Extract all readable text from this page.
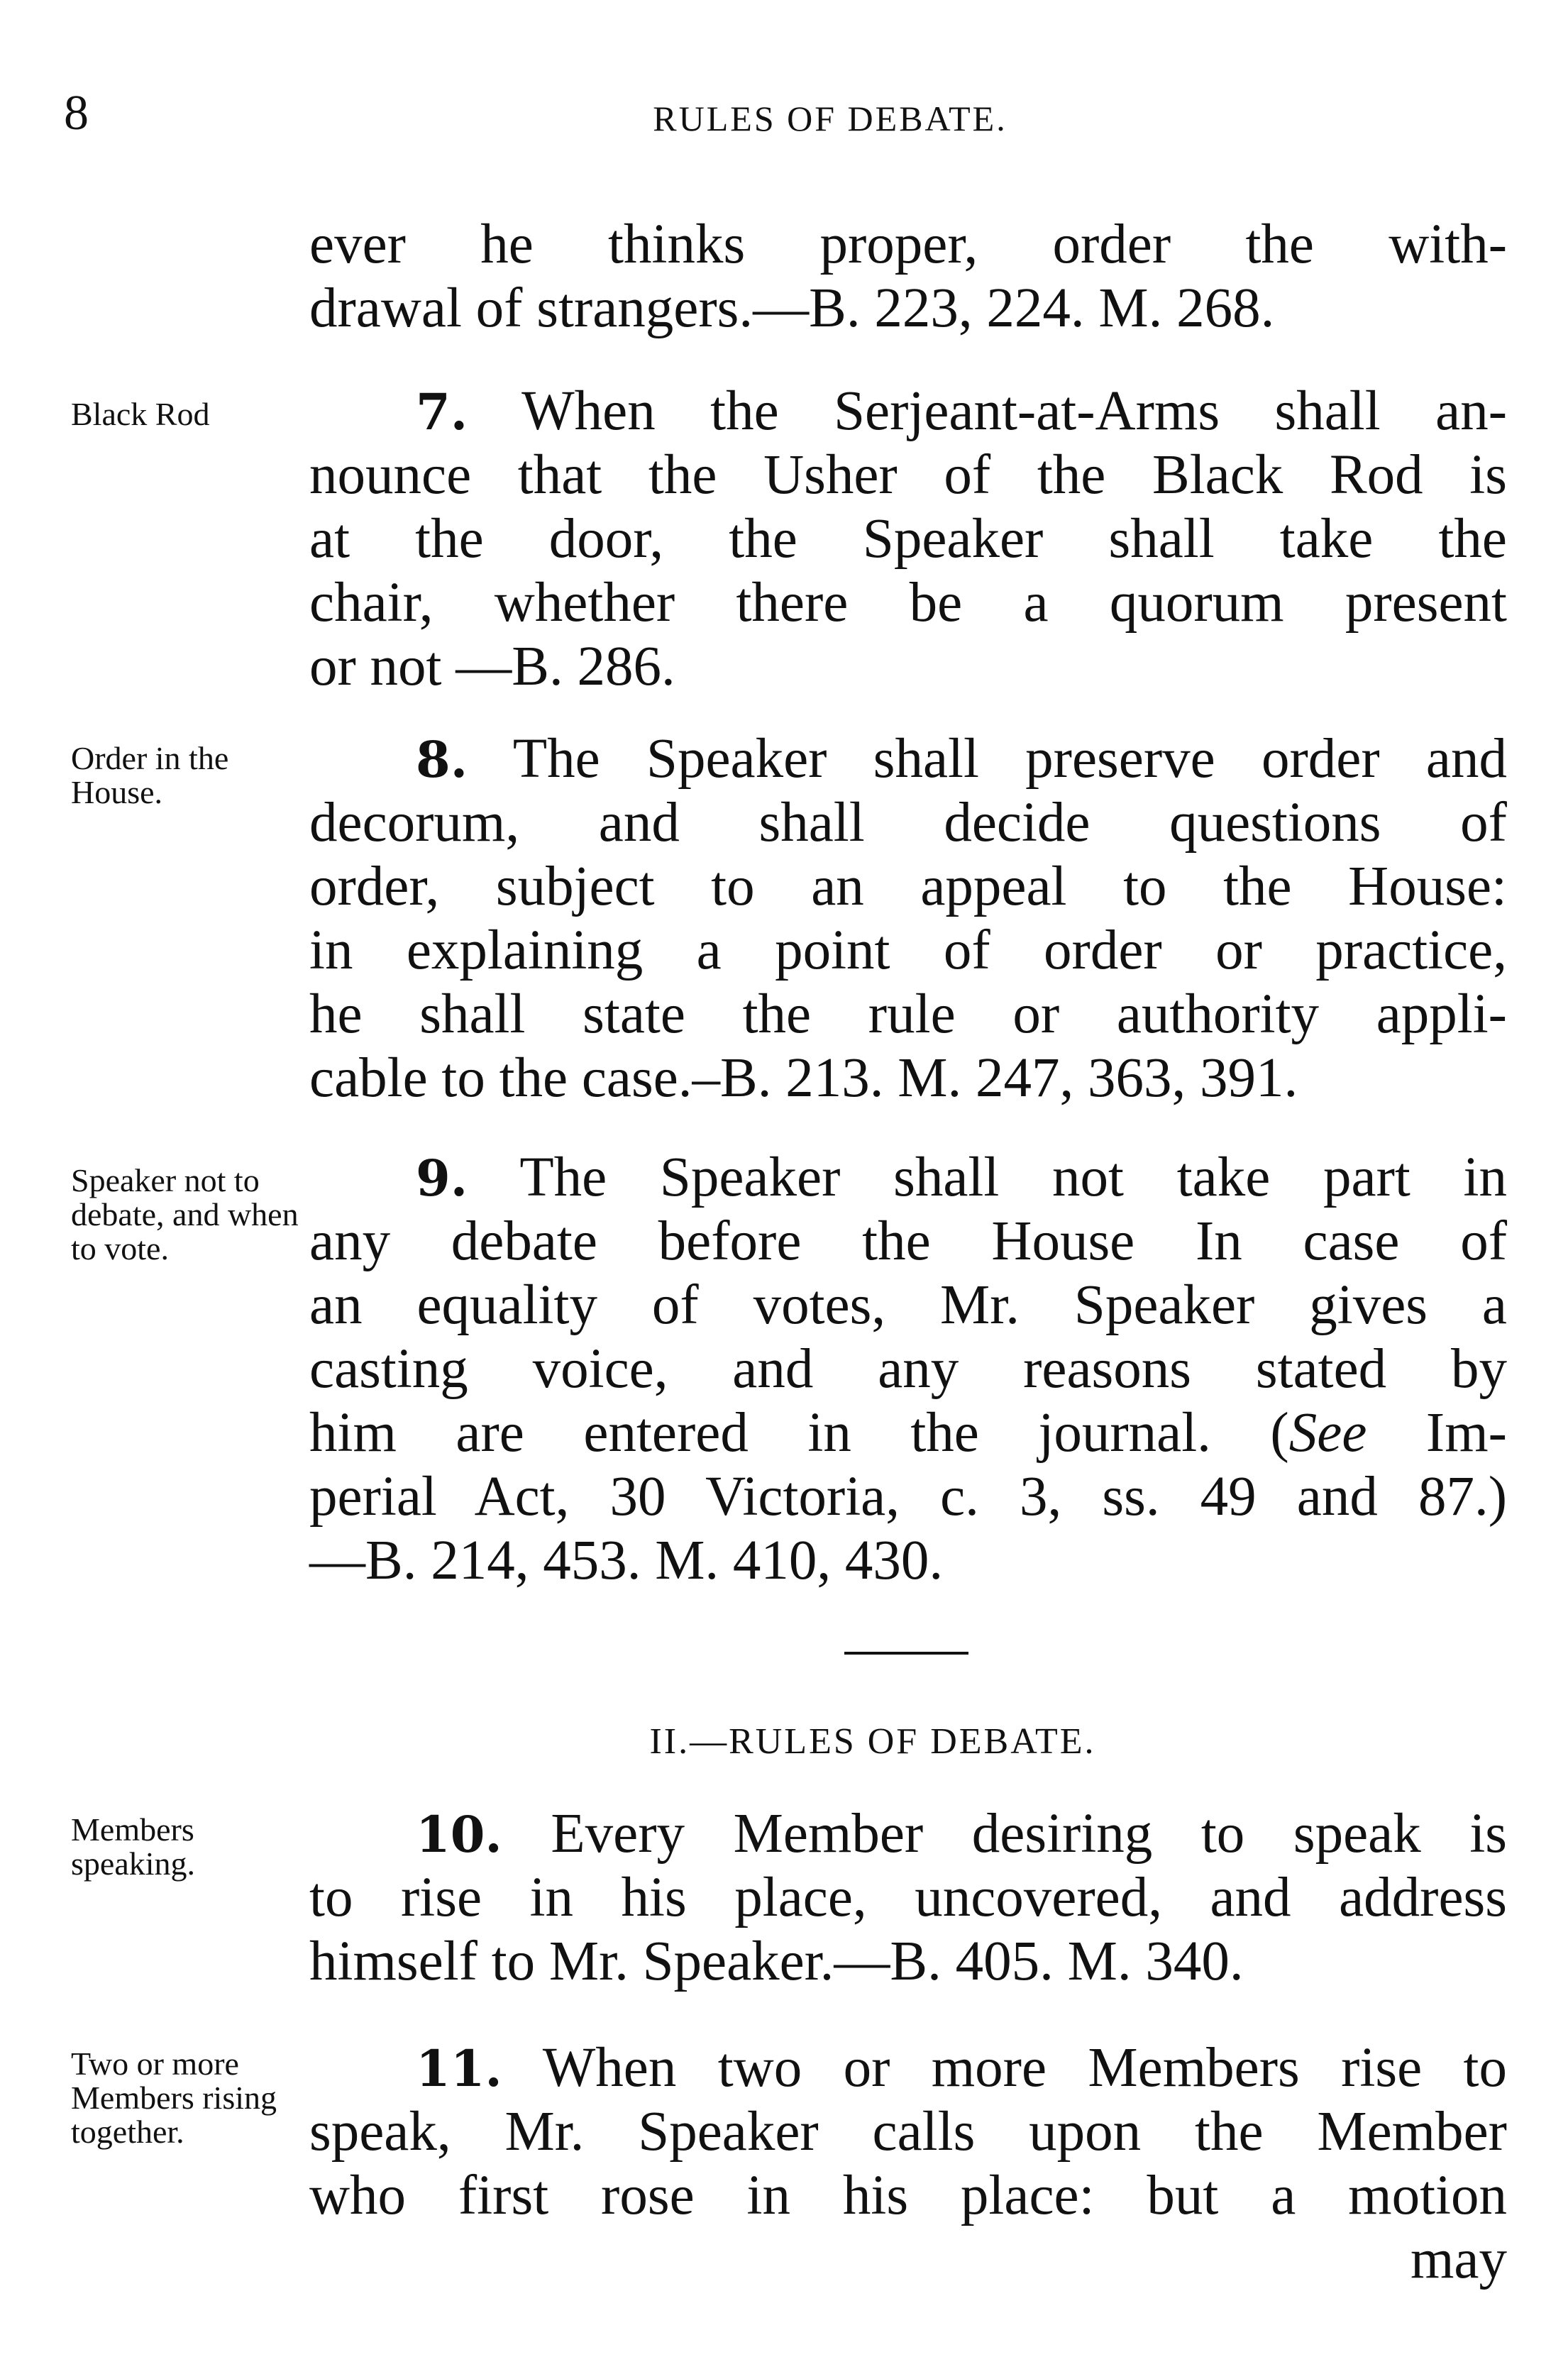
8	RULES OF DEBATE.
ever he thinks proper, order the with-
drawal of strangers.—B. 223, 224. M. 268.
Black Rod	7. When the Serjeant-at-Arms shall an-
nounce that the Usher of the Black Rod is
at the door, the Speaker shall take the
chair, whether there be a quorum present
or not —B. 286.
Order in the House.
8. The Speaker shall preserve order and
decorum, and shall decide questions of
order, subject to an appeal to the House:
in explaining a point of order or practice,
he shall state the rule or authority appli-
cable to the case.–B. 213. M. 247, 363, 391.
Speaker not to debate, and when to vote.
9. The Speaker shall not take part in
any debate before the House In case of
an equality of votes, Mr. Speaker gives a
casting voice, and any reasons stated by
him are entered in the journal. (See Im-
perial Act, 30 Victoria, c. 3, ss. 49 and 87.)
—B. 214, 453. M. 410, 430.
II.—RULES OF DEBATE.
Members speaking.	10. Every Member desiring to speak is
to rise in his place, uncovered, and address
himself to Mr. Speaker.—B. 405. M. 340.
Two or more Members rising together.
11. When two or more Members rise to
speak, Mr. Speaker calls upon the Member
who first rose in his place: but a motion
may
